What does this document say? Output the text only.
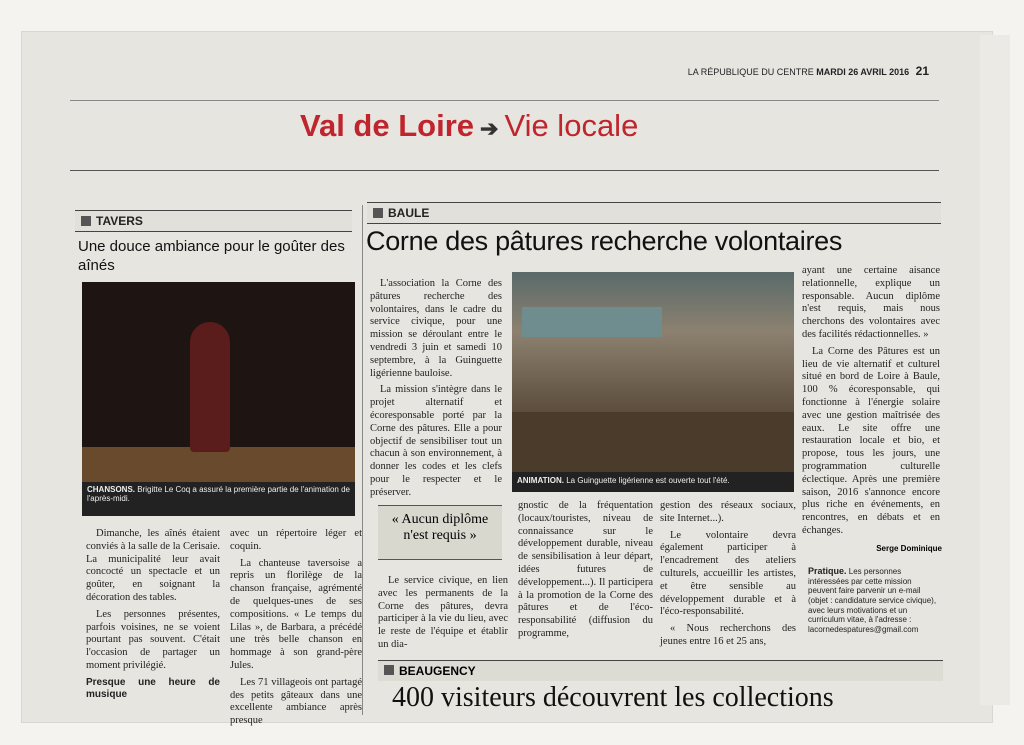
LA RÉPUBLIQUE DU CENTRE MARDI 26 AVRIL 2016 21
Val de Loire ➔ Vie locale
TAVERS
Une douce ambiance pour le goûter des aînés
CHANSONS. Brigitte Le Coq a assuré la première partie de l'animation de l'après-midi.

Dimanche, les aînés étaient conviés à la salle de la Cerisaie. La municipalité leur avait concocté un spectacle et un goûter, en soignant la décoration des tables.

Les personnes présentes, parfois voisines, ne se voient pourtant pas souvent. C'était l'occasion de partager un moment privilégié.

Presque une heure de musique

avec un répertoire léger et coquin.

La chanteuse taversoise a repris un florilège de la chanson française, agrémenté de quelques-unes de ses compositions. « Le temps du Lilas », de Barbara, a précédé une très belle chanson en hommage à son grand-père Jules.

Les 71 villageois ont partagé des petits gâteaux dans une excellente ambiance après presque

BAULE
Corne des pâtures recherche volontaires

L'association la Corne des pâtures recherche des volontaires, dans le cadre du service civique, pour une mission se déroulant entre le vendredi 3 juin et samedi 10 septembre, à la Guinguette ligérienne bauloise.

La mission s'intègre dans le projet alternatif et écoresponsable porté par la Corne des pâtures. Elle a pour objectif de sensibiliser tout un chacun à son environnement, à donner les codes et les clefs pour le respecter et le préserver.

« Aucun diplôme n'est requis »

Le service civique, en lien avec les permanents de la Corne des pâtures, devra participer à la vie du lieu, avec le reste de l'équipe et établir un dia-

ANIMATION. La Guinguette ligérienne est ouverte tout l'été.

gnostic de la fréquentation (locaux/touristes, niveau de connaissance sur le développement durable, niveau de sensibilisation à leur départ, idées futures de développement...). Il participera à la promotion de la Corne des pâtures et de l'éco-responsabilité (diffusion du programme,

gestion des réseaux sociaux, site Internet...).

Le volontaire devra également participer à l'encadrement des ateliers culturels, accueillir les artistes, et être sensible au développement durable et à l'éco-responsabilité.

« Nous recherchons des jeunes entre 16 et 25 ans,

ayant une certaine aisance relationnelle, explique un responsable. Aucun diplôme n'est requis, mais nous cherchons des volontaires avec des facilités rédactionnelles. »

La Corne des Pâtures est un lieu de vie alternatif et culturel situé en bord de Loire à Baule, 100 % écoresponsable, qui fonctionne à l'énergie solaire avec une gestion maîtrisée des eaux. Le site offre une restauration locale et bio, et propose, tous les jours, une programmation culturelle éclectique. Après une première saison, 2016 s'annonce encore plus riche en événements, en rencontres, en débats et en échanges.

Serge Dominique
Pratique. Les personnes intéressées par cette mission peuvent faire parvenir un e-mail (objet : candidature service civique), avec leurs motivations et un curriculum vitae, à l'adresse : lacornedespatures@gmail.com
BEAUGENCY
400 visiteurs découvrent les collections
